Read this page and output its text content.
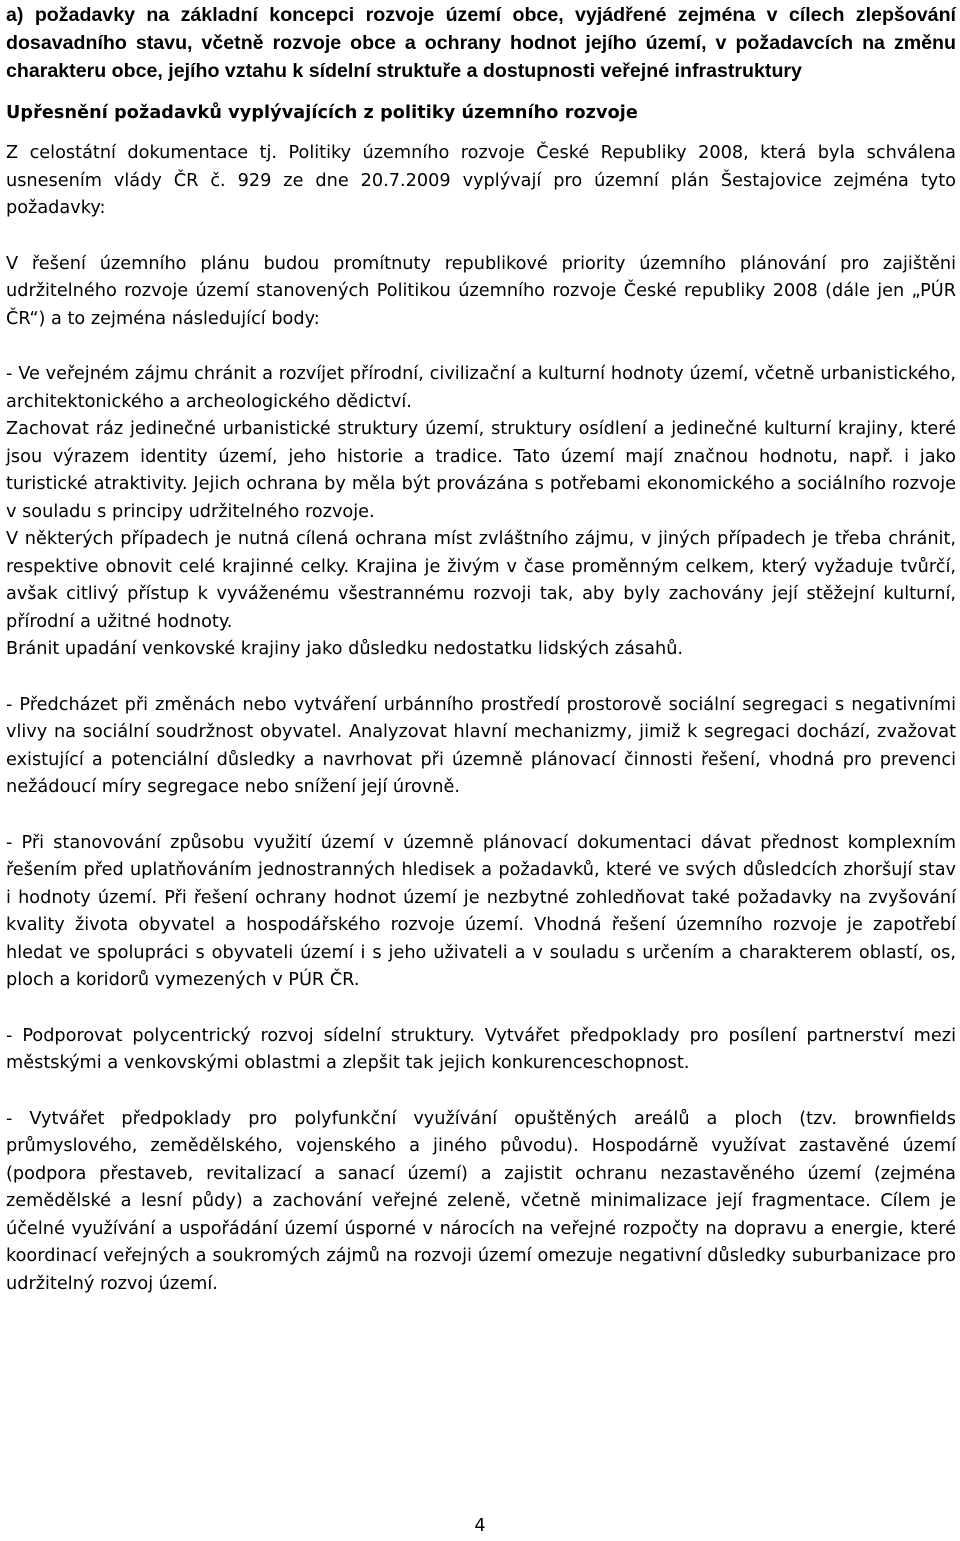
a) požadavky na základní koncepci rozvoje území obce, vyjádřené zejména v cílech zlepšování dosavadního stavu, včetně rozvoje obce a ochrany hodnot jejího území, v požadavcích na změnu charakteru obce, jejího vztahu k sídelní struktuře a dostupnosti veřejné infrastruktury
Upřesnění požadavků vyplývajících z politiky územního rozvoje

Z celostátní dokumentace tj. Politiky územního rozvoje České Republiky 2008, která byla schválena usnesením vlády ČR č. 929 ze dne 20.7.2009 vyplývají pro územní plán Šestajovice zejména tyto požadavky:

V řešení územního plánu budou promítnuty republikové priority územního plánování pro zajištěni udržitelného rozvoje území stanovených Politikou územního rozvoje České republiky 2008 (dále jen „PÚR ČR“) a to zejména následující body:

- Ve veřejném zájmu chránit a rozvíjet přírodní, civilizační a kulturní hodnoty území, včetně urbanistického, architektonického a archeologického dědictví.

Zachovat ráz jedinečné urbanistické struktury území, struktury osídlení a jedinečné kulturní krajiny, které jsou výrazem identity území, jeho historie a tradice. Tato území mají značnou hodnotu, např. i jako turistické atraktivity. Jejich ochrana by měla být provázána s potřebami ekonomického a sociálního rozvoje v souladu s principy udržitelného rozvoje.

V některých případech je nutná cílená ochrana míst zvláštního zájmu, v jiných případech je třeba chránit, respektive obnovit celé krajinné celky. Krajina je živým v čase proměnným celkem, který vyžaduje tvůrčí, avšak citlivý přístup k vyváženému všestrannému rozvoji tak, aby byly zachovány její stěžejní kulturní, přírodní a užitné hodnoty.

Bránit upadání venkovské krajiny jako důsledku nedostatku lidských zásahů.

- Předcházet při změnách nebo vytváření urbánního prostředí prostorově sociální segregaci s negativními vlivy na sociální soudržnost obyvatel. Analyzovat hlavní mechanizmy, jimiž k segregaci dochází, zvažovat existující a potenciální důsledky a navrhovat při územně plánovací činnosti řešení, vhodná pro prevenci nežádoucí míry segregace nebo snížení její úrovně.

- Při stanovování způsobu využití území v územně plánovací dokumentaci dávat přednost komplexním řešením před uplatňováním jednostranných hledisek a požadavků, které ve svých důsledcích zhoršují stav i hodnoty území. Při řešení ochrany hodnot území je nezbytné zohledňovat také požadavky na zvyšování kvality života obyvatel a hospodářského rozvoje území. Vhodná řešení územního rozvoje je zapotřebí hledat ve spolupráci s obyvateli území i s jeho uživateli a v souladu s určením a charakterem oblastí, os, ploch a koridorů vymezených v PÚR ČR.

- Podporovat polycentrický rozvoj sídelní struktury. Vytvářet předpoklady pro posílení partnerství mezi městskými a venkovskými oblastmi a zlepšit tak jejich konkurenceschopnost.

- Vytvářet předpoklady pro polyfunkční využívání opuštěných areálů a ploch (tzv. brownfields průmyslového, zemědělského, vojenského a jiného původu). Hospodárně využívat zastavěné území (podpora přestaveb, revitalizací a sanací území) a zajistit ochranu nezastavěného území (zejména zemědělské a lesní půdy) a zachování veřejné zeleně, včetně minimalizace její fragmentace. Cílem je účelné využívání a uspořádání území úsporné v nárocích na veřejné rozpočty na dopravu a energie, které koordinací veřejných a soukromých zájmů na rozvoji území omezuje negativní důsledky suburbanizace pro udržitelný rozvoj území.

4
